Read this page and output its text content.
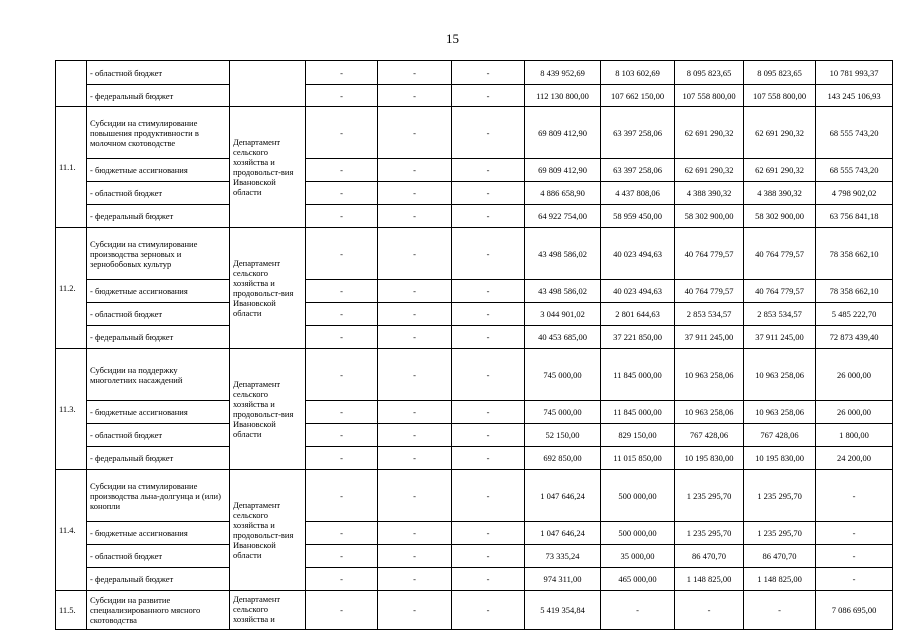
15
	- областной бюджет		-	-	-	8 439 952,69	8 103 602,69	8 095 823,65	8 095 823,65	10 781 993,37
	- федеральный бюджет		-	-	-	112 130 800,00	107 662 150,00	107 558 800,00	107 558 800,00	143 245 106,93
11.1.	Субсидии на стимулирование повышения продуктивности в молочном скотоводстве	Департамент сельского хозяйства и продовольст-вия Ивановской области	-	-	-	69 809 412,90	63 397 258,06	62 691 290,32	62 691 290,32	68 555 743,20
	- бюджетные ассигнования		-	-	-	69 809 412,90	63 397 258,06	62 691 290,32	62 691 290,32	68 555 743,20
	- областной бюджет		-	-	-	4 886 658,90	4 437 808,06	4 388 390,32	4 388 390,32	4 798 902,02
	- федеральный бюджет		-	-	-	64 922 754,00	58 959 450,00	58 302 900,00	58 302 900,00	63 756 841,18
11.2.	Субсидии на стимулирование производства зерновых и зернобобовых культур	Департамент сельского хозяйства и продовольст-вия Ивановской области	-	-	-	43 498 586,02	40 023 494,63	40 764 779,57	40 764 779,57	78 358 662,10
	- бюджетные ассигнования		-	-	-	43 498 586,02	40 023 494,63	40 764 779,57	40 764 779,57	78 358 662,10
	- областной бюджет		-	-	-	3 044 901,02	2 801 644,63	2 853 534,57	2 853 534,57	5 485 222,70
	- федеральный бюджет		-	-	-	40 453 685,00	37 221 850,00	37 911 245,00	37 911 245,00	72 873 439,40
11.3.	Субсидии на поддержку многолетних насаждений	Департамент сельского хозяйства и продовольст-вия Ивановской области	-	-	-	745 000,00	11 845 000,00	10 963 258,06	10 963 258,06	26 000,00
	- бюджетные ассигнования		-	-	-	745 000,00	11 845 000,00	10 963 258,06	10 963 258,06	26 000,00
	- областной бюджет		-	-	-	52 150,00	829 150,00	767 428,06	767 428,06	1 800,00
	- федеральный бюджет		-	-	-	692 850,00	11 015 850,00	10 195 830,00	10 195 830,00	24 200,00
11.4.	Субсидии на стимулирование производства льна-долгунца и (или) конопли	Департамент сельского хозяйства и продовольст-вия Ивановской области	-	-	-	1 047 646,24	500 000,00	1 235 295,70	1 235 295,70	-
	- бюджетные ассигнования		-	-	-	1 047 646,24	500 000,00	1 235 295,70	1 235 295,70	-
	- областной бюджет		-	-	-	73 335,24	35 000,00	86 470,70	86 470,70	-
	- федеральный бюджет		-	-	-	974 311,00	465 000,00	1 148 825,00	1 148 825,00	-
11.5.	Субсидии на развитие специализированного мясного скотоводства	Департамент сельского хозяйства и	-	-	-	5 419 354,84	-	-	-	7 086 695,00
